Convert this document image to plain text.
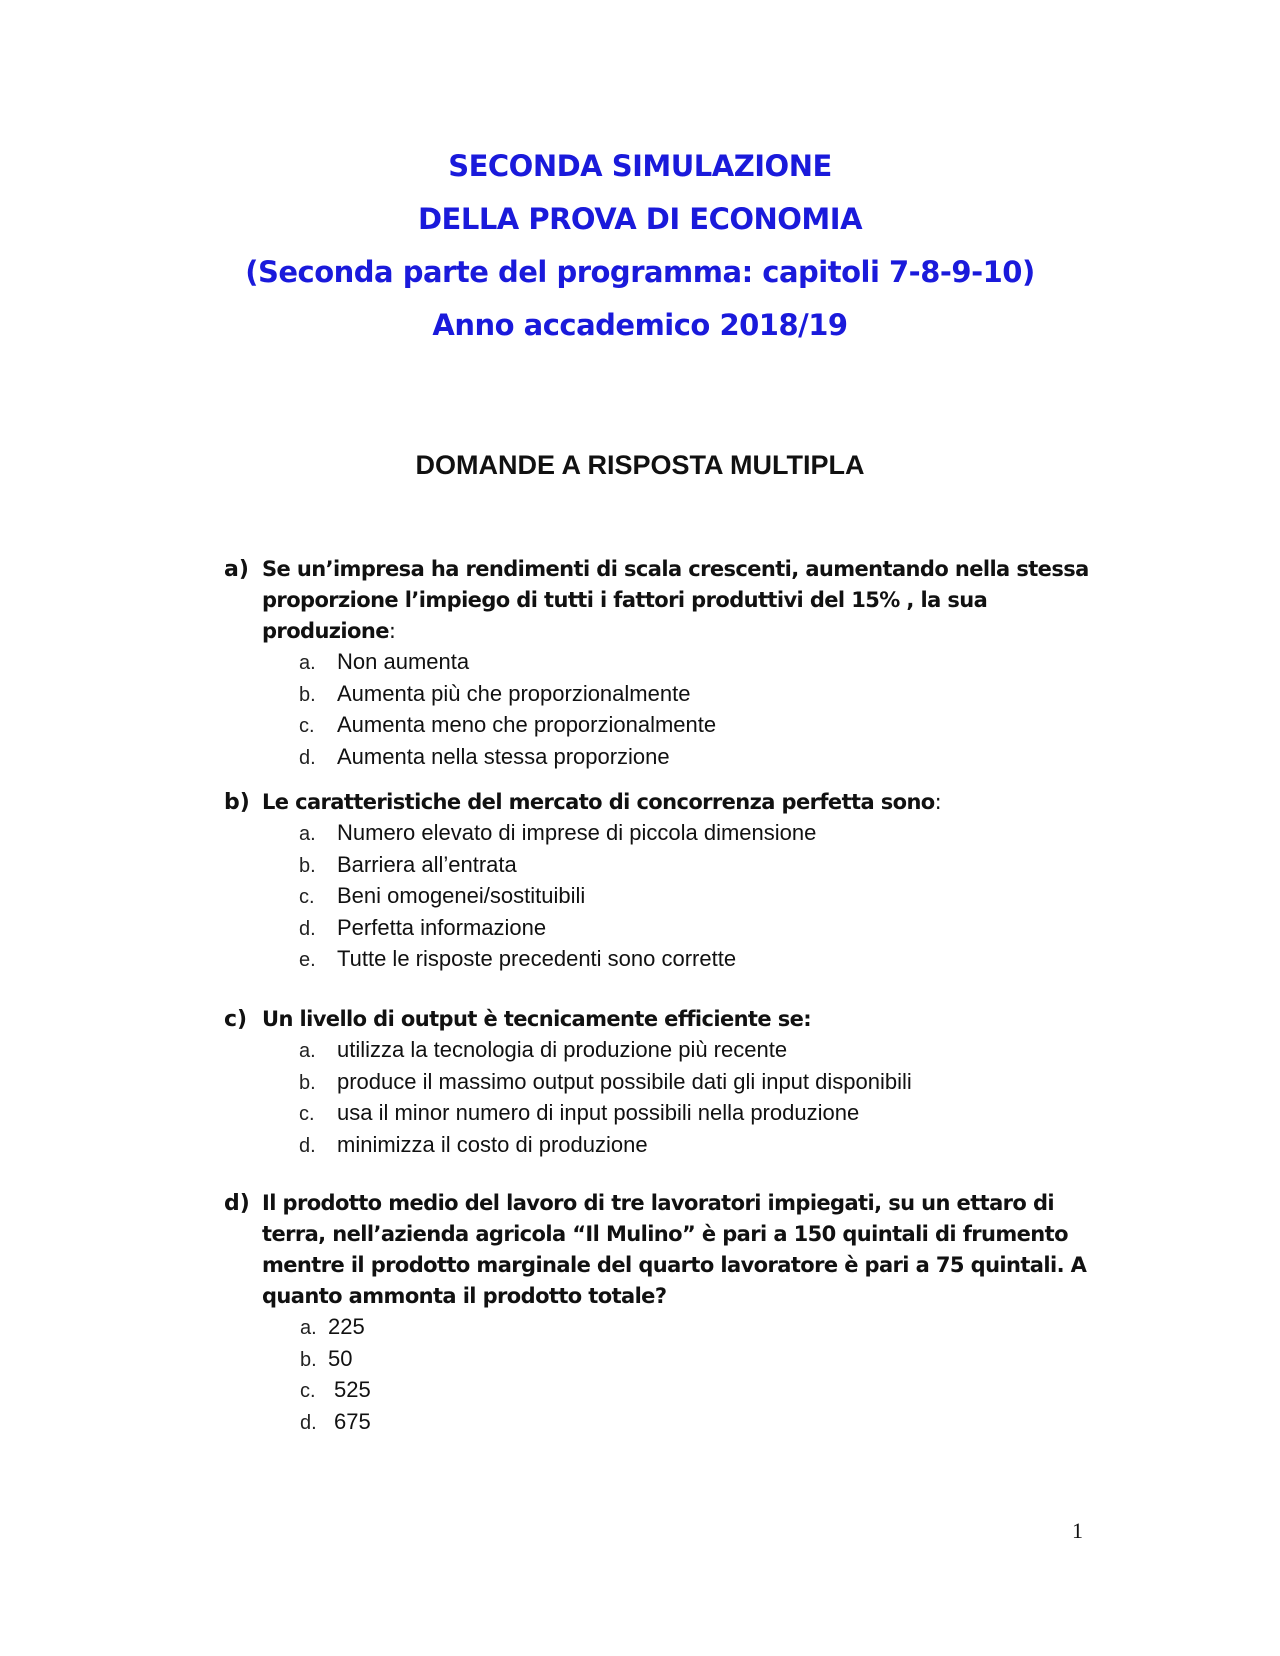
SECONDA SIMULAZIONE
DELLA PROVA DI ECONOMIA
(Seconda parte del programma: capitoli 7-8-9-10)
Anno accademico 2018/19
DOMANDE A RISPOSTA MULTIPLA
a) Se un’impresa ha rendimenti di scala crescenti, aumentando nella stessa proporzione l’impiego di tutti i fattori produttivi del 15% , la sua produzione:
a. Non aumenta
b. Aumenta più che proporzionalmente
c. Aumenta meno che proporzionalmente
d. Aumenta nella stessa proporzione
b) Le caratteristiche del mercato di concorrenza perfetta sono:
a. Numero elevato di imprese di piccola dimensione
b. Barriera all’entrata
c. Beni omogenei/sostituibili
d. Perfetta informazione
e. Tutte le risposte precedenti sono corrette
c) Un livello di output è tecnicamente efficiente se:
a. utilizza la tecnologia di produzione più recente
b. produce il massimo output possibile dati gli input disponibili
c. usa il minor numero di input possibili nella produzione
d. minimizza il costo di produzione
d) Il prodotto medio del lavoro di tre lavoratori impiegati, su un ettaro di terra, nell’azienda agricola “Il Mulino” è pari a 150 quintali di frumento mentre il prodotto marginale del quarto lavoratore è pari a 75 quintali. A quanto ammonta il prodotto totale?
a. 225
b. 50
c. 525
d. 675
1
